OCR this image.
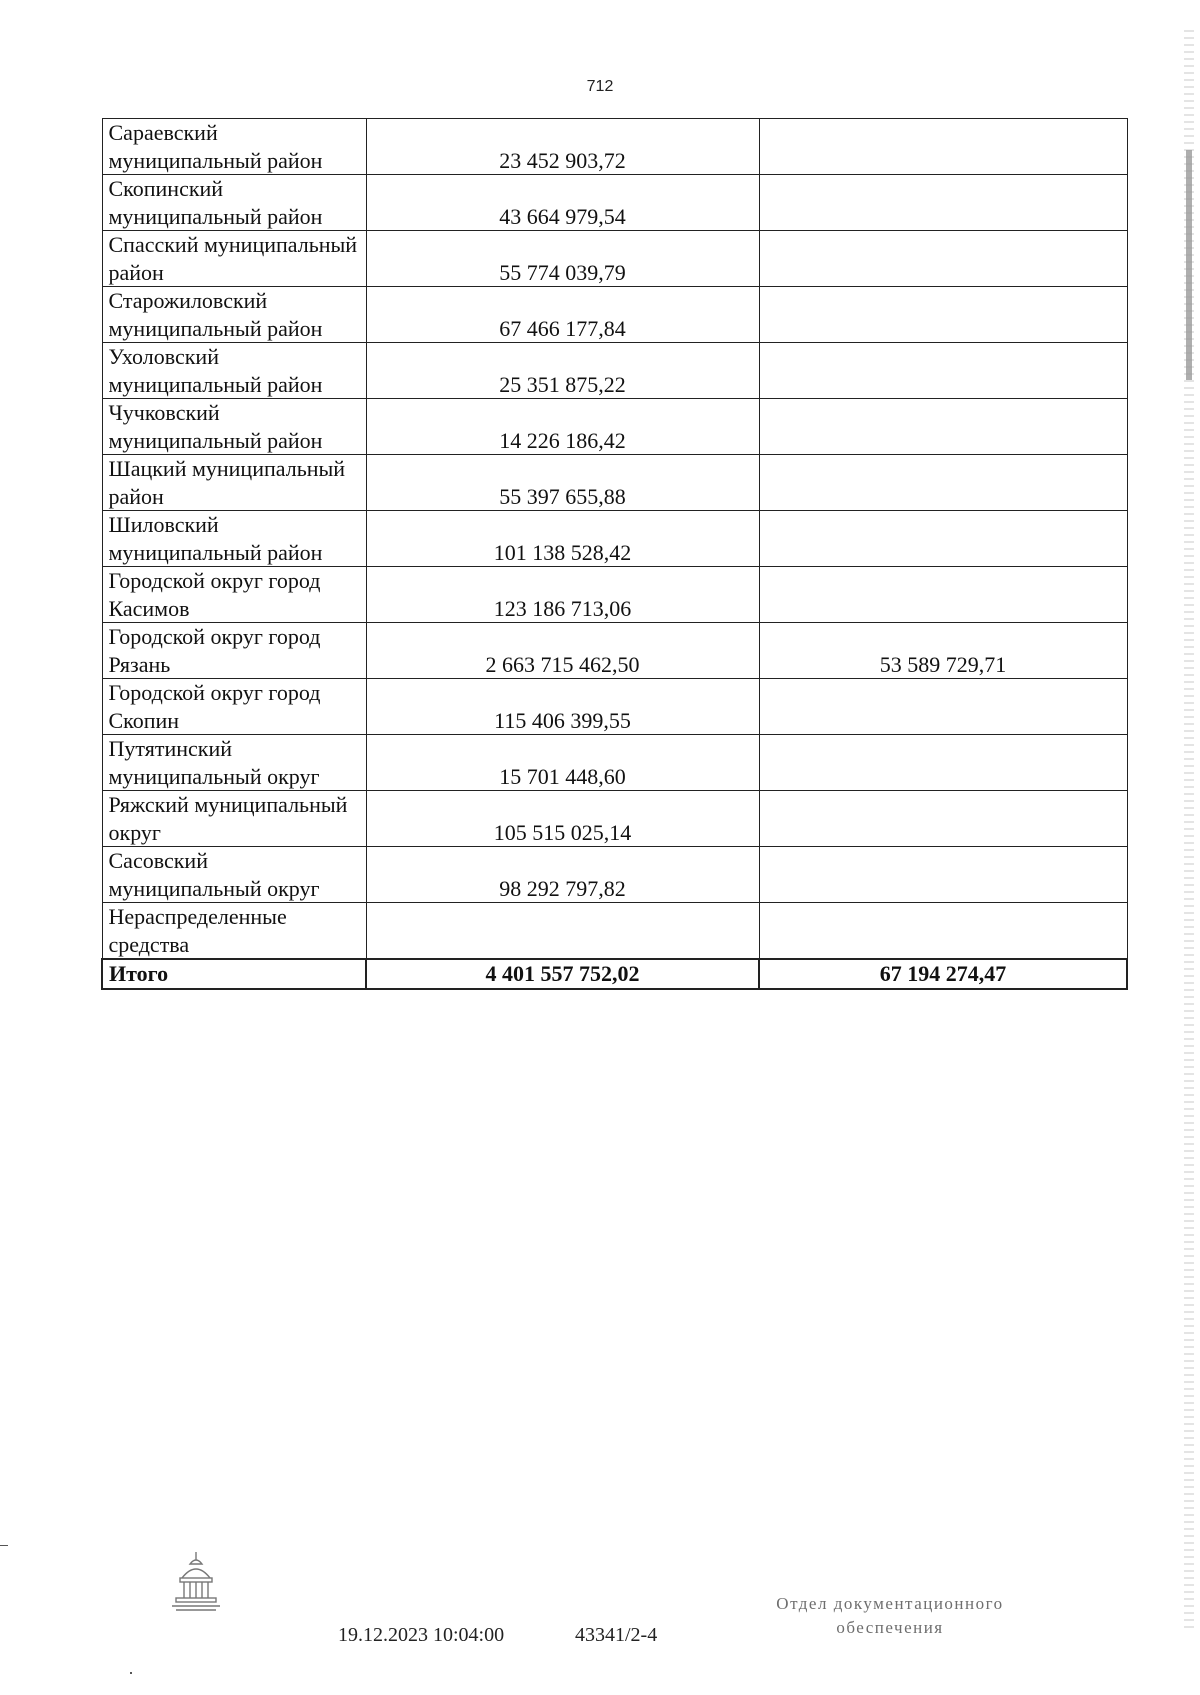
712
Сараевский муниципальный район	23 452 903,72	
Скопинский муниципальный район	43 664 979,54	
Спасский муниципальный район	55 774 039,79	
Старожиловский муниципальный район	67 466 177,84	
Ухоловский муниципальный район	25 351 875,22	
Чучковский муниципальный район	14 226 186,42	
Шацкий муниципальный район	55 397 655,88	
Шиловский муниципальный район	101 138 528,42	
Городской округ город Касимов	123 186 713,06	
Городской округ город Рязань	2 663 715 462,50	53 589 729,71
Городской округ город Скопин	115 406 399,55	
Путятинский муниципальный округ	15 701 448,60	
Ряжский муниципальный округ	105 515 025,14	
Сасовский муниципальный округ	98 292 797,82	
Нераспределенные средства		
Итого	4 401 557 752,02	67 194 274,47
19.12.2023 10:04:00	43341/2-4
Отдел документационного
обеспечения
